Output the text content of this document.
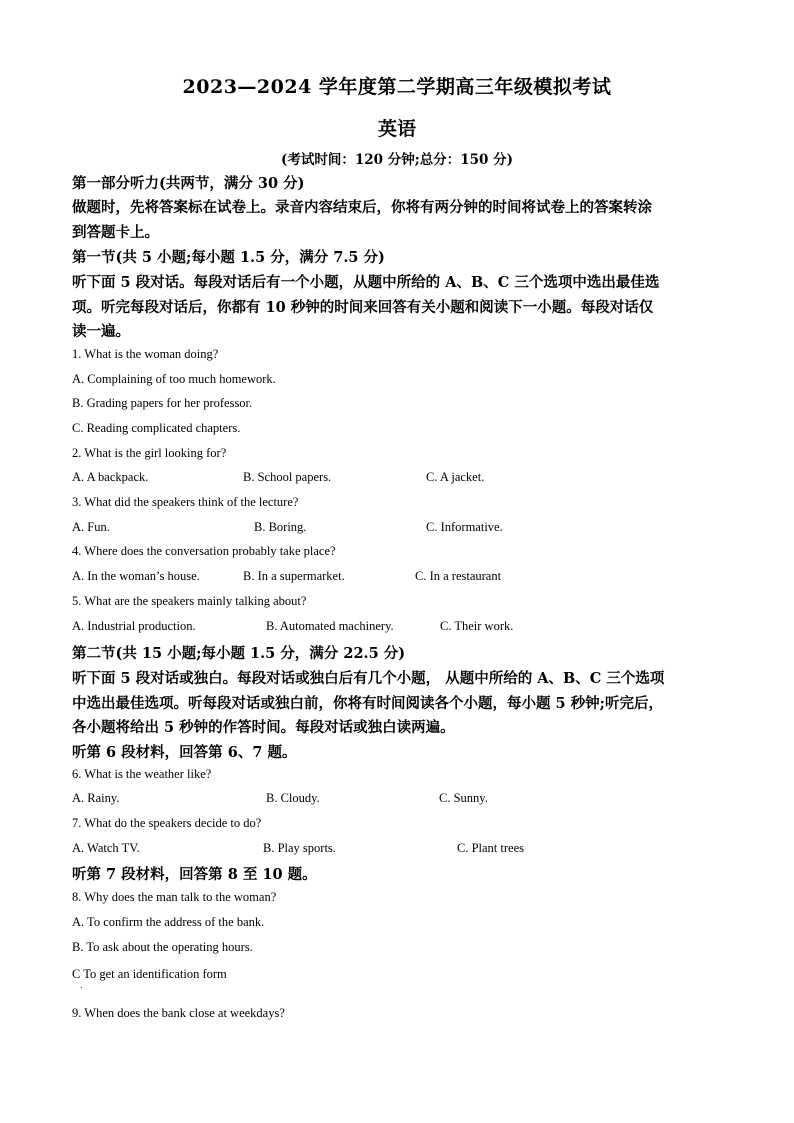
2023—2024 学年度第二学期高三年级模拟考试
英语
(考试时间：120 分钟;总分：150 分)
第一部分听力(共两节，满分 30 分)
做题时，先将答案标在试卷上。录音内容结束后，你将有两分钟的时间将试卷上的答案转涂
到答题卡上。
第一节(共 5 小题;每小题 1.5 分，满分 7.5 分)
听下面 5 段对话。每段对话后有一个小题，从题中所给的 A、B、C 三个选项中选出最佳选
项。听完每段对话后，你都有 10 秒钟的时间来回答有关小题和阅读下一小题。每段对话仅
读一遍。
1. What is the woman doing?
A. Complaining of too much homework.
B. Grading papers for her professor.
C. Reading complicated chapters.
2. What is the girl looking for?
A. A backpack.	B. School papers.	C. A jacket.
3. What did the speakers think of the lecture?
A. Fun.	B. Boring.	C. Informative.
4. Where does the conversation probably take place?
A. In the woman’s house.	B. In a supermarket.	C. In a restaurant
5. What are the speakers mainly talking about?
A. Industrial production.	B. Automated machinery.	C. Their work.
第二节(共 15 小题;每小题 1.5 分，满分 22.5 分)
听下面 5 段对话或独白。每段对话或独白后有几个小题， 从题中所给的 A、B、C 三个选项
中选出最佳选项。听每段对话或独白前，你将有时间阅读各个小题，每小题 5 秒钟;听完后，
各小题将给出 5 秒钟的作答时间。每段对话或独白读两遍。
听第 6 段材料，回答第 6、7 题。
6. What is the weather like?
A. Rainy.	B. Cloudy.	C. Sunny.
7. What do the speakers decide to do?
A. Watch TV.	B. Play sports.	C. Plant trees
听第 7 段材料，回答第 8 至 10 题。
8. Why does the man talk to the woman?
A. To confirm the address of the bank.
B. To ask about the operating hours.
C To get an identification form
.
9. When does the bank close at weekdays?
